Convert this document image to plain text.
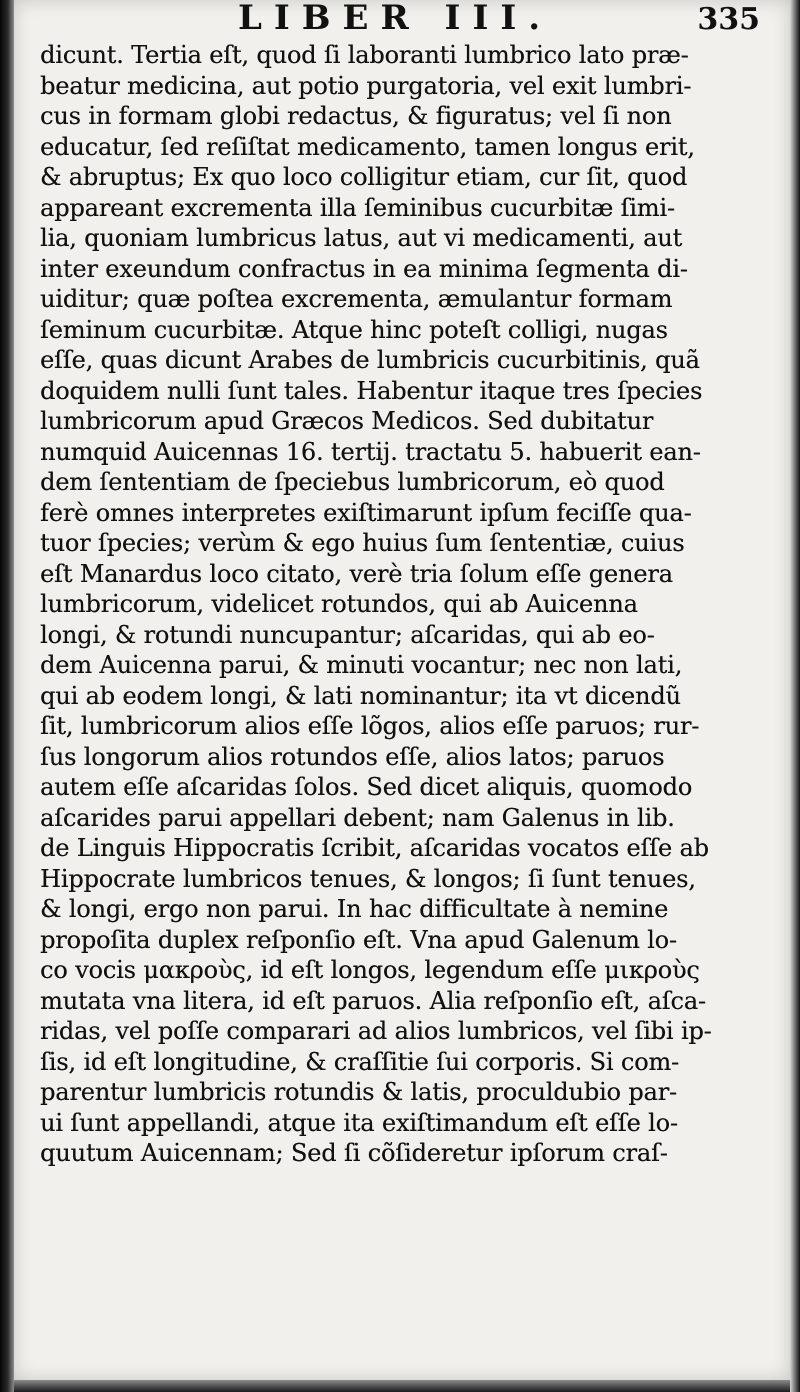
LIBER III.	335
dicunt. Tertia eſt, quod ſi laboranti lumbrico lato præ-
beatur medicina, aut potio purgatoria, vel exit lumbri-
cus in formam globi redactus, & figuratus; vel ſi non
educatur, ſed reſiſtat medicamento, tamen longus erit,
& abruptus; Ex quo loco colligitur etiam, cur ſit, quod
appareant excrementa illa ſeminibus cucurbitæ ſimi-
lia, quoniam lumbricus latus, aut vi medicamenti, aut
inter exeundum confractus in ea minima ſegmenta di-
uiditur; quæ poſtea excrementa, æmulantur formam
ſeminum cucurbitæ. Atque hinc poteſt colligi, nugas
eſſe, quas dicunt Arabes de lumbricis cucurbitinis, quã
doquidem nulli ſunt tales. Habentur itaque tres ſpecies
lumbricorum apud Græcos Medicos. Sed dubitatur
numquid Auicennas 16. tertij. tractatu 5. habuerit ean-
dem ſententiam de ſpeciebus lumbricorum, eò quod
ferè omnes interpretes exiſtimarunt ipſum feciſſe qua-
tuor ſpecies; verùm & ego huius ſum ſententiæ, cuius
eſt Manardus loco citato, verè tria ſolum eſſe genera
lumbricorum, videlicet rotundos, qui ab Auicenna
longi, & rotundi nuncupantur; aſcaridas, qui ab eo-
dem Auicenna parui, & minuti vocantur; nec non lati,
qui ab eodem longi, & lati nominantur; ita vt dicendũ
ſit, lumbricorum alios eſſe lõgos, alios eſſe paruos; rur-
ſus longorum alios rotundos eſſe, alios latos; paruos
autem eſſe aſcaridas ſolos. Sed dicet aliquis, quomodo
aſcarides parui appellari debent; nam Galenus in lib.
de Linguis Hippocratis ſcribit, aſcaridas vocatos eſſe ab
Hippocrate lumbricos tenues, & longos; ſi ſunt tenues,
& longi, ergo non parui. In hac difficultate à nemine
propoſita duplex reſponſio eſt. Vna apud Galenum lo-
co vocis μακροὺς, id eſt longos, legendum eſſe μικροὺς
mutata vna litera, id eſt paruos. Alia reſponſio eſt, aſca-
ridas, vel poſſe comparari ad alios lumbricos, vel ſibi ip-
ſis, id eſt longitudine, & craſſitie ſui corporis. Si com-
parentur lumbricis rotundis & latis, proculdubio par-
ui ſunt appellandi, atque ita exiſtimandum eſt eſſe lo-
quutum Auicennam; Sed ſi cõſideretur ipſorum craſ-
